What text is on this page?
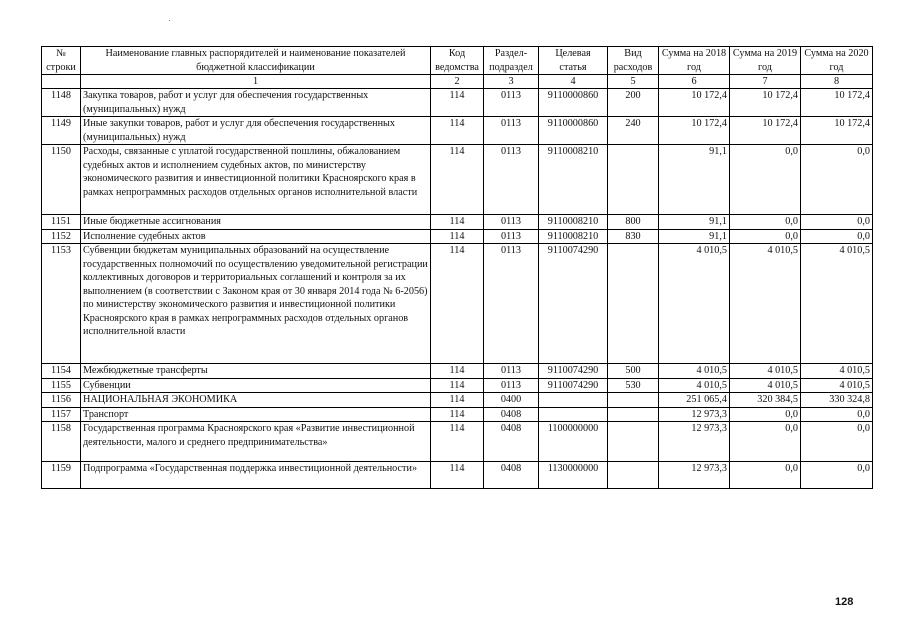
№ строки	Наименование главных распорядителей и наименование показателей бюджетной классификации	Код ведомства	Раздел-подраздел	Целевая статья	Вид расходов	Сумма на 2018 год	Сумма на 2019 год	Сумма на 2020 год
	1	2	3	4	5	6	7	8
1148	Закупка товаров, работ и услуг для обеспечения государственных (муниципальных) нужд	114	0113	9110000860	200	10 172,4	10 172,4	10 172,4
1149	Иные закупки товаров, работ и услуг для обеспечения государственных (муниципальных) нужд	114	0113	9110000860	240	10 172,4	10 172,4	10 172,4
1150	Расходы, связанные с уплатой государственной пошлины, обжалованием судебных актов и исполнением судебных актов, по министерству экономического развития и инвестиционной политики Красноярского края в рамках непрограммных расходов отдельных органов исполнительной власти	114	0113	9110008210		91,1	0,0	0,0
1151	Иные бюджетные ассигнования	114	0113	9110008210	800	91,1	0,0	0,0
1152	Исполнение судебных актов	114	0113	9110008210	830	91,1	0,0	0,0
1153	Субвенции бюджетам муниципальных образований на осуществление государственных полномочий по осуществлению уведомительной регистрации коллективных договоров и территориальных соглашений и контроля за их выполнением (в соответствии с Законом края от 30 января 2014 года № 6-2056) по министерству экономического развития и инвестиционной политики Красноярского края в рамках непрограммных расходов отдельных органов исполнительной власти	114	0113	9110074290		4 010,5	4 010,5	4 010,5
1154	Межбюджетные трансферты	114	0113	9110074290	500	4 010,5	4 010,5	4 010,5
1155	Субвенции	114	0113	9110074290	530	4 010,5	4 010,5	4 010,5
1156	НАЦИОНАЛЬНАЯ ЭКОНОМИКА	114	0400			251 065,4	320 384,5	330 324,8
1157	Транспорт	114	0408			12 973,3	0,0	0,0
1158	Государственная программа Красноярского края «Развитие инвестиционной деятельности, малого и среднего предпринимательства»	114	0408	1100000000		12 973,3	0,0	0,0
1159	Подпрограмма «Государственная поддержка инвестиционной деятельности»	114	0408	1130000000		12 973,3	0,0	0,0
128
